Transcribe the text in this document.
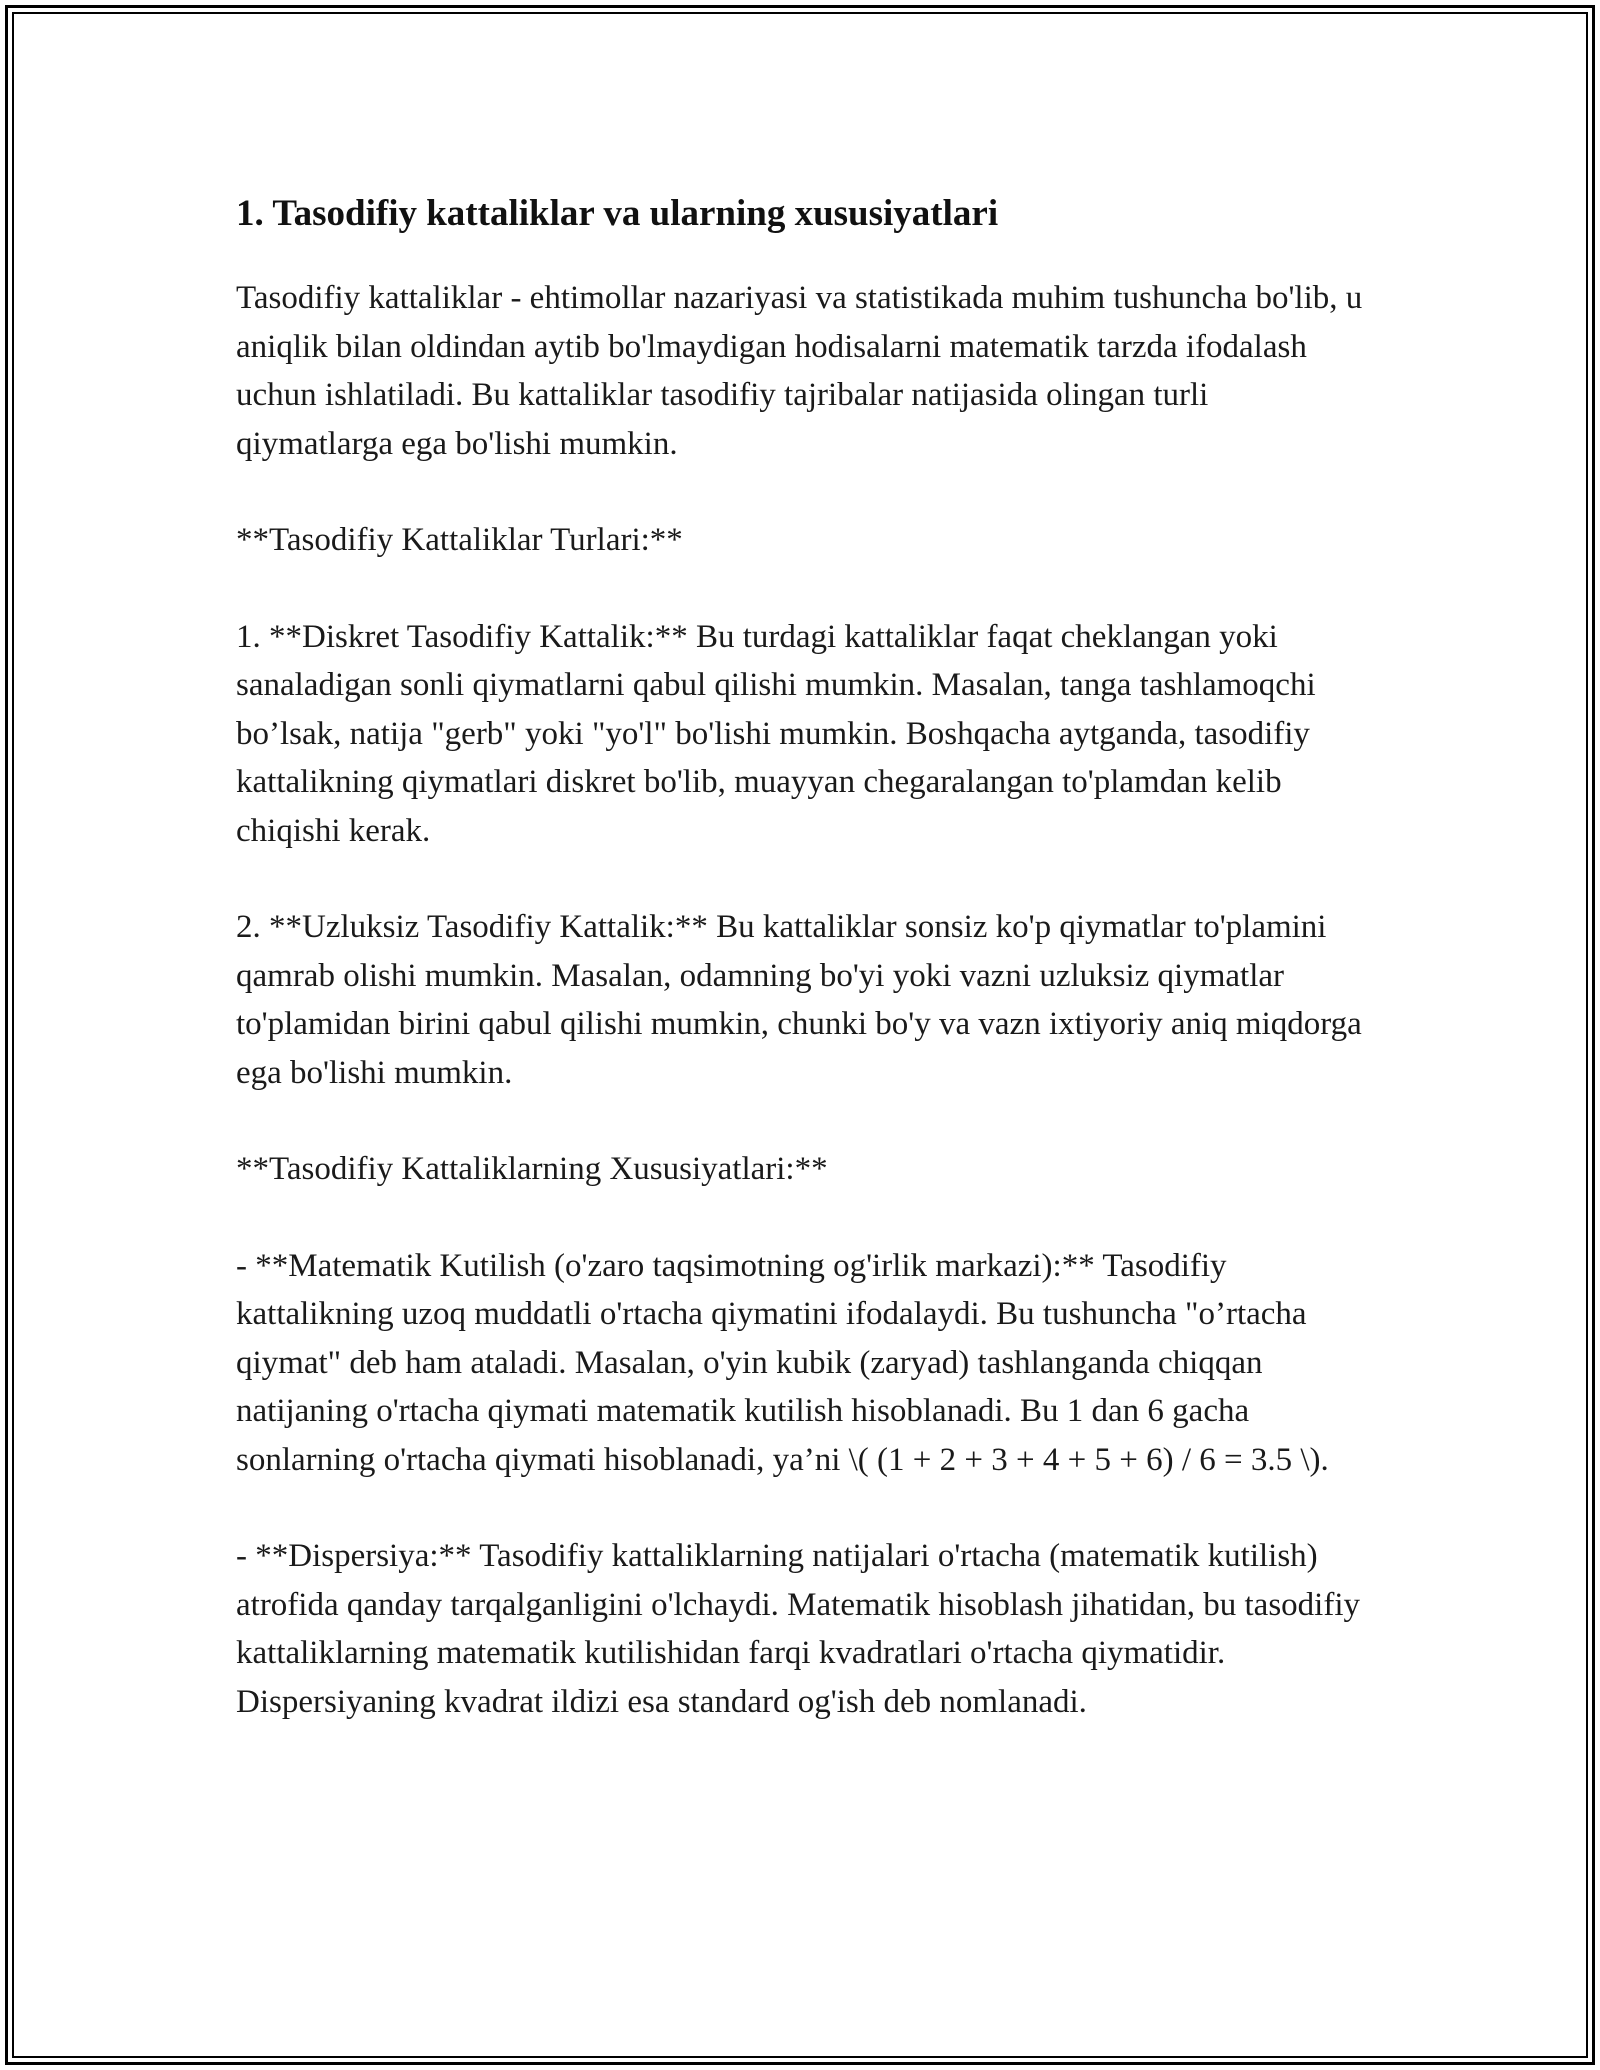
1. Tasodifiy kattaliklar va ularning xususiyatlari

Tasodifiy kattaliklar - ehtimollar nazariyasi va statistikada muhim tushuncha bo'lib, u aniqlik bilan oldindan aytib bo'lmaydigan hodisalarni matematik tarzda ifodalash uchun ishlatiladi. Bu kattaliklar tasodifiy tajribalar natijasida olingan turli qiymatlarga ega bo'lishi mumkin.

**Tasodifiy Kattaliklar Turlari:**

1. **Diskret Tasodifiy Kattalik:** Bu turdagi kattaliklar faqat cheklangan yoki sanaladigan sonli qiymatlarni qabul qilishi mumkin. Masalan, tanga tashlamoqchi bo’lsak, natija "gerb" yoki "yo'l" bo'lishi mumkin. Boshqacha aytganda, tasodifiy kattalikning qiymatlari diskret bo'lib, muayyan chegaralangan to'plamdan kelib chiqishi kerak.

2. **Uzluksiz Tasodifiy Kattalik:** Bu kattaliklar sonsiz ko'p qiymatlar to'plamini qamrab olishi mumkin. Masalan, odamning bo'yi yoki vazni uzluksiz qiymatlar to'plamidan birini qabul qilishi mumkin, chunki bo'y va vazn ixtiyoriy aniq miqdorga ega bo'lishi mumkin.

**Tasodifiy Kattaliklarning Xususiyatlari:**

- **Matematik Kutilish (o'zaro taqsimotning og'irlik markazi):** Tasodifiy kattalikning uzoq muddatli o'rtacha qiymatini ifodalaydi. Bu tushuncha "o’rtacha qiymat" deb ham ataladi. Masalan, o'yin kubik (zaryad) tashlanganda chiqqan natijaning o'rtacha qiymati matematik kutilish hisoblanadi. Bu 1 dan 6 gacha sonlarning o'rtacha qiymati hisoblanadi, ya’ni \( (1 + 2 + 3 + 4 + 5 + 6) / 6 = 3.5 \).

- **Dispersiya:** Tasodifiy kattaliklarning natijalari o'rtacha (matematik kutilish) atrofida qanday tarqalganligini o'lchaydi. Matematik hisoblash jihatidan, bu tasodifiy kattaliklarning matematik kutilishidan farqi kvadratlari o'rtacha qiymatidir. Dispersiyaning kvadrat ildizi esa standard og'ish deb nomlanadi.
